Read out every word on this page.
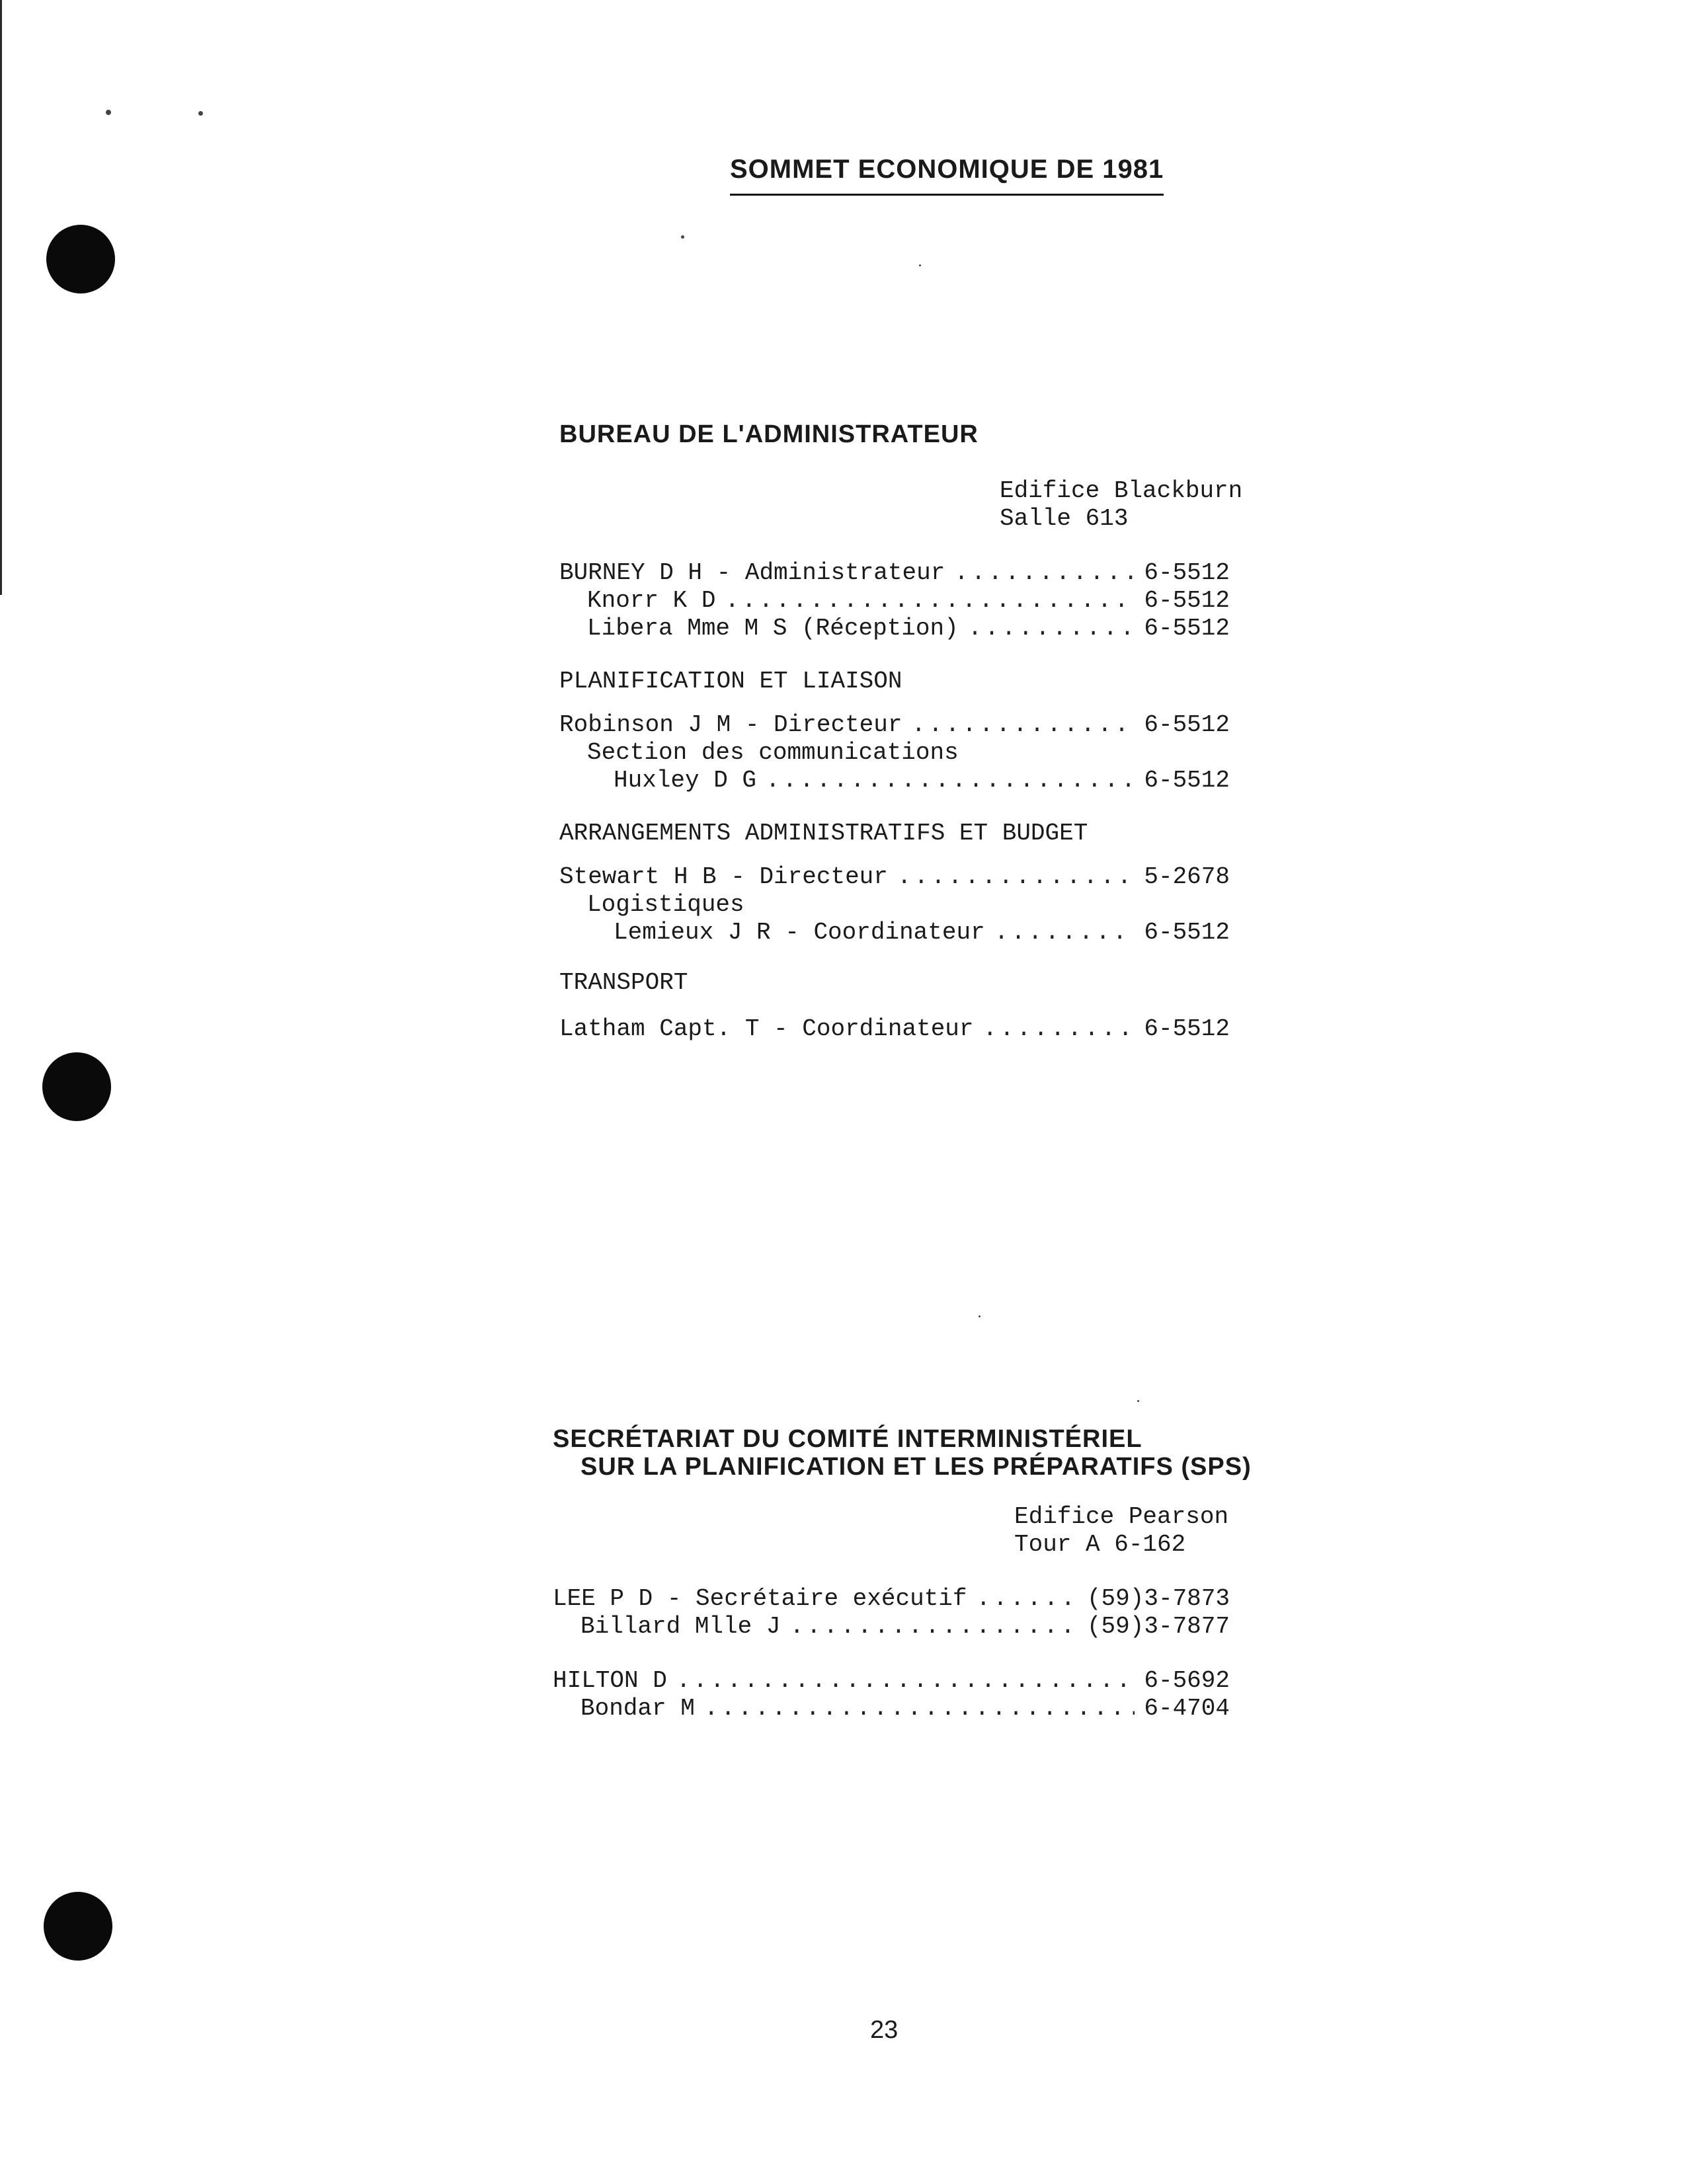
SOMMET ECONOMIQUE DE 1981
BUREAU DE L'ADMINISTRATEUR
Edifice Blackburn
Salle 613
BURNEY D H - Administrateur .....	6-5512
Knorr K D .....	6-5512
Libera Mme M S (Réception) .....	6-5512
PLANIFICATION ET LIAISON
Robinson J M - Directeur .....	6-5512
Section des communications
Huxley D G .....	6-5512
ARRANGEMENTS ADMINISTRATIFS ET BUDGET
Stewart H B - Directeur .....	5-2678
Logistiques
Lemieux J R - Coordinateur .....	6-5512
TRANSPORT
Latham Capt. T - Coordinateur .....	6-5512
SECRÉTARIAT DU COMITÉ INTERMINISTÉRIEL
SUR LA PLANIFICATION ET LES PRÉPARATIFS (SPS)
Edifice Pearson
Tour A 6-162
LEE P D - Secrétaire exécutif .....	(59)3-7873
Billard Mlle J .....	(59)3-7877
HILTON D .....	6-5692
Bondar M .....	6-4704
23
